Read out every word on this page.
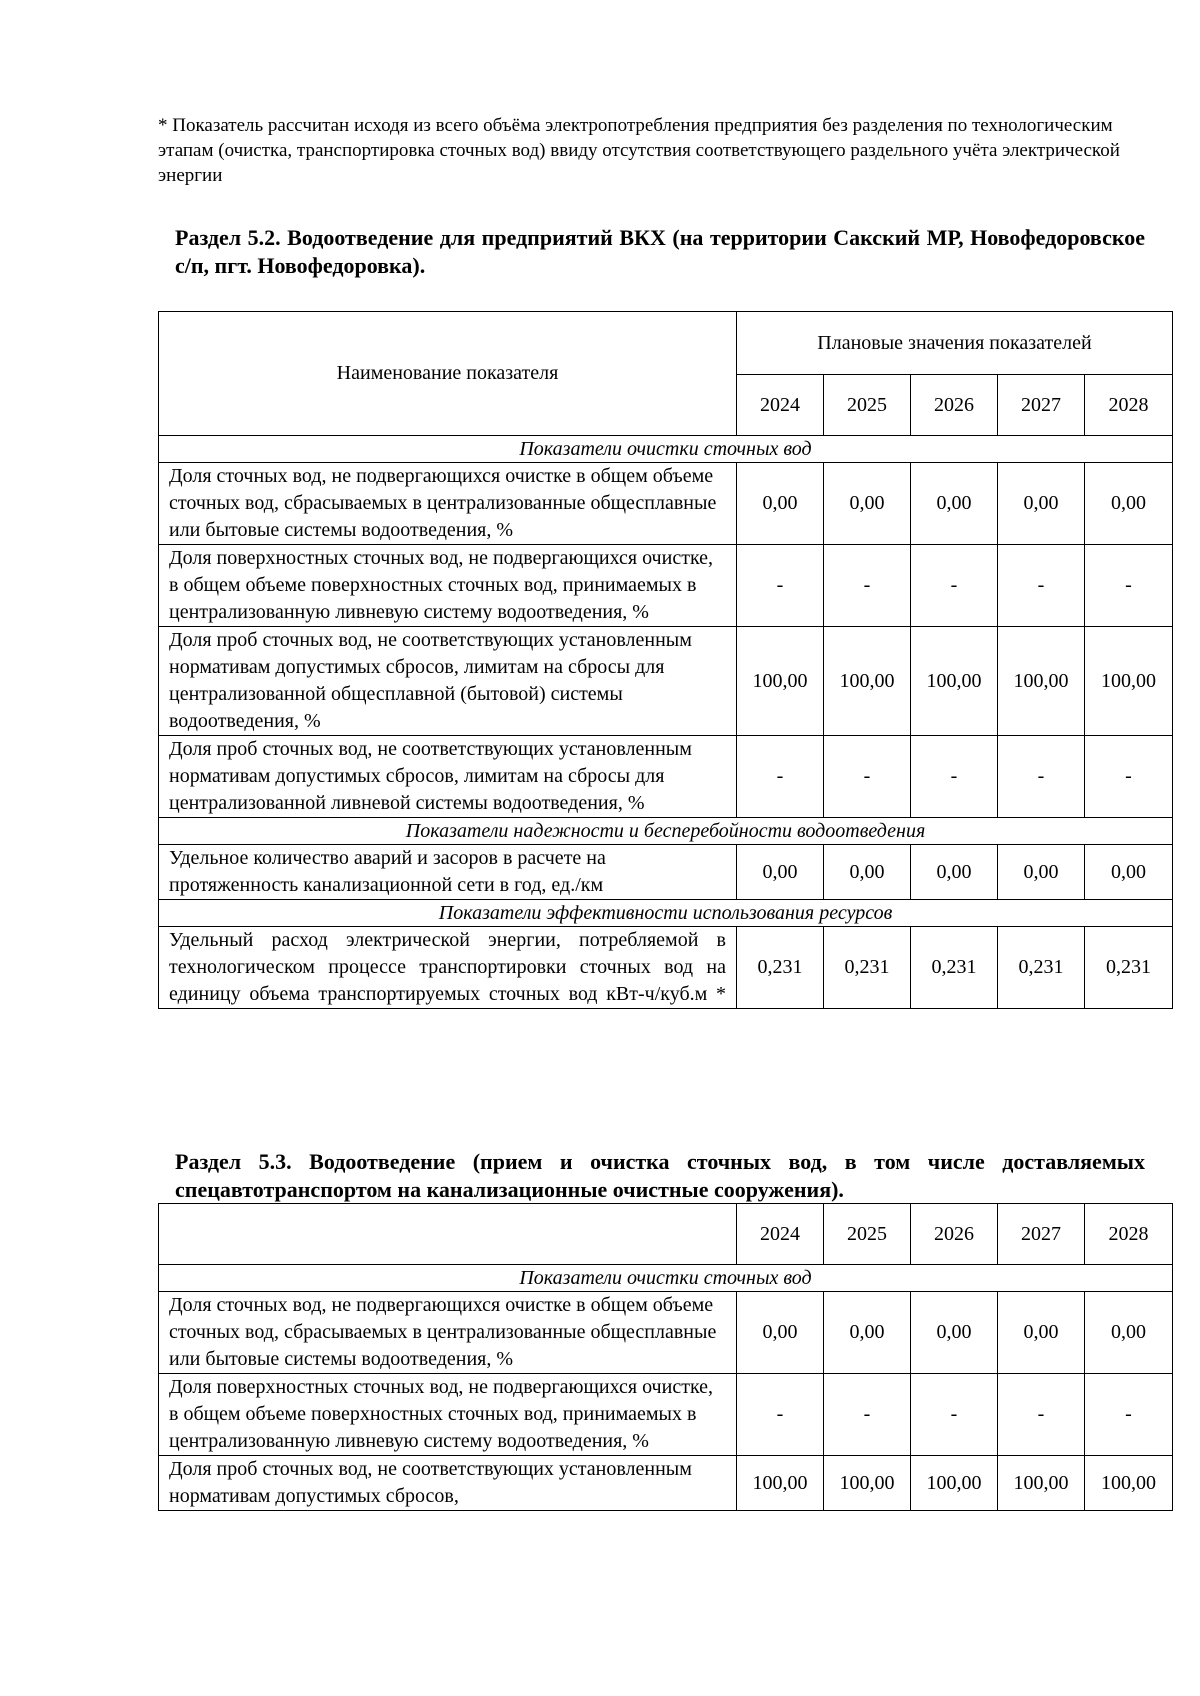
* Показатель рассчитан исходя из всего объёма электропотребления предприятия без разделения по технологическим этапам (очистка, транспортировка сточных вод) ввиду отсутствия соответствующего раздельного учёта электрической энергии
Раздел 5.2. Водоотведение для предприятий ВКХ (на территории Сакский МР, Новофедоровское с/п, пгт. Новофедоровка).
Наименование показателя	Плановые значения показателей				
	2024	2025	2026	2027	2028
Показатели очистки сточных вод					
Доля сточных вод, не подвергающихся очистке в общем объеме сточных вод, сбрасываемых в централизованные общесплавные или бытовые системы водоотведения, %	0,00	0,00	0,00	0,00	0,00
Доля поверхностных сточных вод, не подвергающихся очистке, в общем объеме поверхностных сточных вод, принимаемых в централизованную ливневую систему водоотведения, %	-	-	-	-	-
Доля проб сточных вод, не соответствующих установленным нормативам допустимых сбросов, лимитам на сбросы для централизованной общесплавной (бытовой) системы водоотведения, %	100,00	100,00	100,00	100,00	100,00
Доля проб сточных вод, не соответствующих установленным нормативам допустимых сбросов, лимитам на сбросы для централизованной ливневой системы водоотведения, %	-	-	-	-	-
Показатели надежности и бесперебойности водоотведения					
Удельное количество аварий и засоров в расчете на протяженность канализационной сети в год, ед./км	0,00	0,00	0,00	0,00	0,00
Показатели эффективности использования ресурсов					
Удельный расход электрической энергии, потребляемой в технологическом процессе транспортировки сточных вод на единицу объема транспортируемых сточных вод кВт-ч/куб.м *	0,231	0,231	0,231	0,231	0,231
Раздел 5.3. Водоотведение (прием и очистка сточных вод, в том числе доставляемых спецавтотранспортом на канализационные очистные сооружения).
	2024	2025	2026	2027	2028
Показатели очистки сточных вод					
Доля сточных вод, не подвергающихся очистке в общем объеме сточных вод, сбрасываемых в централизованные общесплавные или бытовые системы водоотведения, %	0,00	0,00	0,00	0,00	0,00
Доля поверхностных сточных вод, не подвергающихся очистке, в общем объеме поверхностных сточных вод, принимаемых в централизованную ливневую систему водоотведения, %	-	-	-	-	-
Доля проб сточных вод, не соответствующих установленным нормативам допустимых сбросов,	100,00	100,00	100,00	100,00	100,00
